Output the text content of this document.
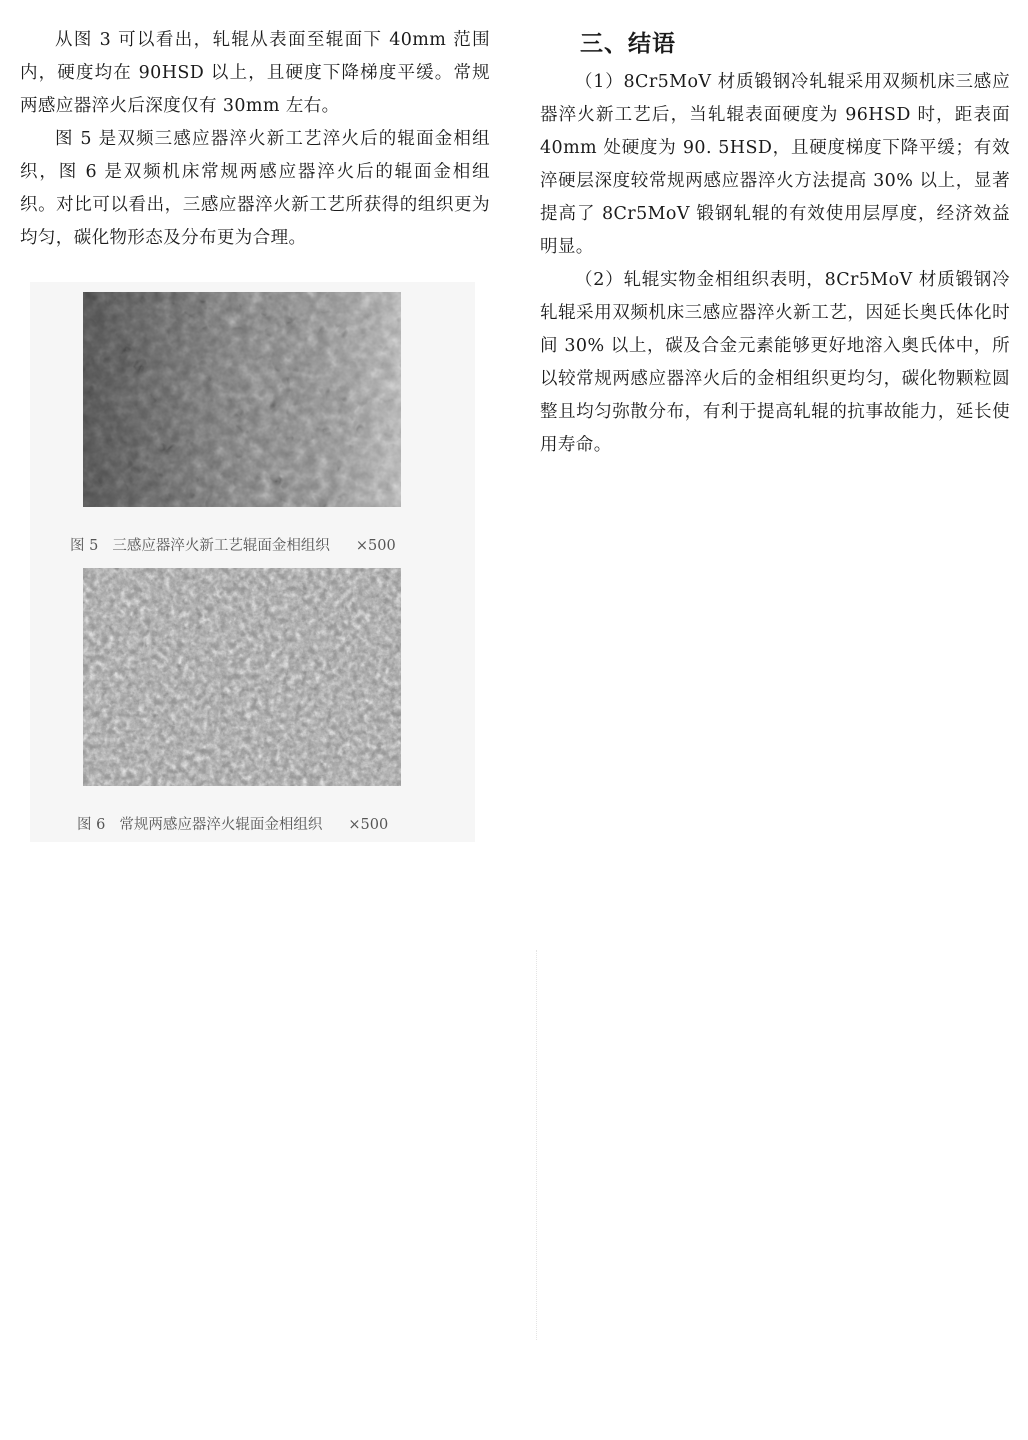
从图 3 可以看出，轧辊从表面至辊面下 40mm 范围内，硬度均在 90HSD 以上，且硬度下降梯度平缓。常规两感应器淬火后深度仅有 30mm 左右。

图 5 是双频三感应器淬火新工艺淬火后的辊面金相组织，图 6 是双频机床常规两感应器淬火后的辊面金相组织。对比可以看出，三感应器淬火新工艺所获得的组织更为均匀，碳化物形态及分布更为合理。

图 5 三感应器淬火新工艺辊面金相组织 ×500
图 6 常规两感应器淬火辊面金相组织 ×500
三、结语

（1）8Cr5MoV 材质锻钢冷轧辊采用双频机床三感应器淬火新工艺后，当轧辊表面硬度为 96HSD 时，距表面 40mm 处硬度为 90. 5HSD，且硬度梯度下降平缓；有效淬硬层深度较常规两感应器淬火方法提高 30% 以上，显著提高了 8Cr5MoV 锻钢轧辊的有效使用层厚度，经济效益明显。

（2）轧辊实物金相组织表明，8Cr5MoV 材质锻钢冷轧辊采用双频机床三感应器淬火新工艺，因延长奥氏体化时间 30% 以上，碳及合金元素能够更好地溶入奥氏体中，所以较常规两感应器淬火后的金相组织更均匀，碳化物颗粒圆整且均匀弥散分布，有利于提高轧辊的抗事故能力，延长使用寿命。
